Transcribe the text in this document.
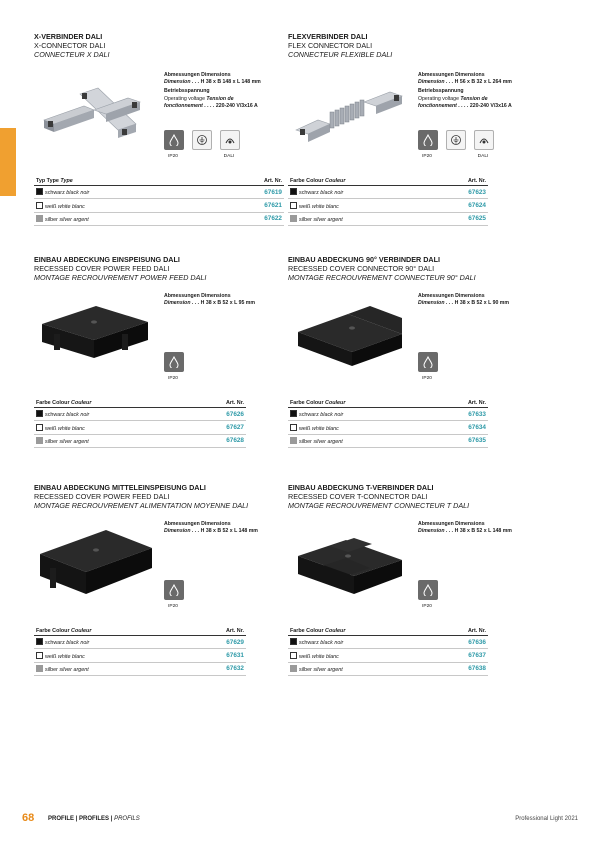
X-VERBINDER DALI

X-CONNECTOR DALI

CONNECTEUR X DALI

Abmessungen Dimensions
Dimension . . . H 38 x B 148 x L 148 mm
Betriebsspannung
Operating voltage Tension de
fonctionnement . . . . 220-240 V/3x16 A
IP20	DALI
Typ Type Type	Art. Nr.
schwarz black noir	67619
weiß white blanc	67621
silber silver argent	67622

FLEXVERBINDER DALI

FLEX CONNECTOR DALI

CONNECTEUR FLEXIBLE DALI

Abmessungen Dimensions
Dimension . . . H 56 x B 32 x L 264 mm
Betriebsspannung
Operating voltage Tension de
fonctionnement . . . . 220-240 V/3x16 A
IP20	DALI
Farbe Colour Couleur	Art. Nr.
schwarz black noir	67623
weiß white blanc	67624
silber silver argent	67625

EINBAU ABDECKUNG EINSPEISUNG DALI

RECESSED COVER POWER FEED DALI

MONTAGE RECROUVREMENT POWER FEED DALI

Abmessungen Dimensions
Dimension . . . H 38 x B 52 x L 95 mm
IP20
Farbe Colour Couleur	Art. Nr.
schwarz black noir	67626
weiß white blanc	67627
silber silver argent	67628

EINBAU ABDECKUNG 90° VERBINDER DALI

RECESSED COVER CONNECTOR 90° DALI

MONTAGE RECROUVREMENT CONNECTEUR 90° DALI

Abmessungen Dimensions
Dimension . . . H 38 x B 52 x L 90 mm
IP20
Farbe Colour Couleur	Art. Nr.
schwarz black noir	67633
weiß white blanc	67634
silber silver argent	67635

EINBAU ABDECKUNG MITTELEINSPEISUNG DALI

RECESSED COVER POWER FEED DALI

MONTAGE RECROUVREMENT ALIMENTATION MOYENNE DALI

Abmessungen Dimensions
Dimension . . . H 38 x B 52 x L 148 mm
IP20
Farbe Colour Couleur	Art. Nr.
schwarz black noir	67629
weiß white blanc	67631
silber silver argent	67632

EINBAU ABDECKUNG T-VERBINDER DALI

RECESSED COVER T-CONNECTOR DALI

MONTAGE RECROUVREMENT CONNECTEUR T DALI

Abmessungen Dimensions
Dimension . . . H 38 x B 52 x L 148 mm
IP20
Farbe Colour Couleur	Art. Nr.
schwarz black noir	67636
weiß white blanc	67637
silber silver argent	67638
68 PROFILE | PROFILES | PROFILS	Professional Light 2021
